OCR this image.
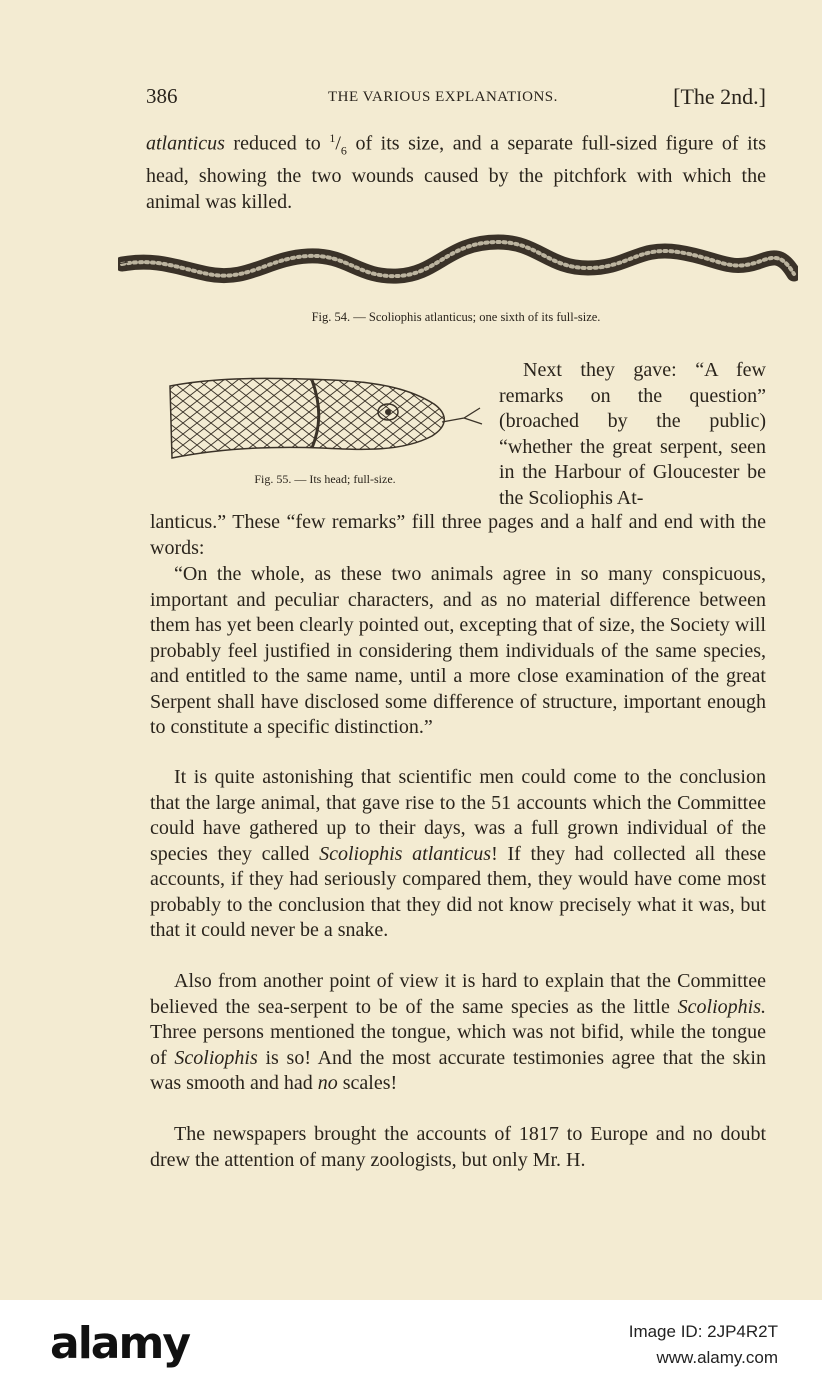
386	THE VARIOUS EXPLANATIONS.	[The 2nd.]

atlanticus reduced to $^1/_6$ of its size, and a separate full-sized figure of its head, showing the two wounds caused by the pitchfork with which the animal was killed.

Fig. 54. — Scoliophis atlanticus; one sixth of its full-size.
Fig. 55. — Its head; full-size.

Next they gave: “A few remarks on the question” (broached by the public) “whether the great serpent, seen in the Harbour of Gloucester be the Scoliophis At-

lanticus.” These “few remarks” fill three pages and a half and end with the words:

“On the whole, as these two animals agree in so many conspicuous, important and peculiar characters, and as no material difference between them has yet been clearly pointed out, excepting that of size, the Society will probably feel justified in considering them individuals of the same species, and entitled to the same name, until a more close examination of the great Serpent shall have disclosed some difference of structure, important enough to constitute a specific distinction.”

It is quite astonishing that scientific men could come to the conclusion that the large animal, that gave rise to the 51 accounts which the Committee could have gathered up to their days, was a full grown individual of the species they called Scoliophis atlanticus! If they had collected all these accounts, if they had seriously compared them, they would have come most probably to the conclusion that they did not know precisely what it was, but that it could never be a snake.

Also from another point of view it is hard to explain that the Committee believed the sea-serpent to be of the same species as the little Scoliophis. Three persons mentioned the tongue, which was not bifid, while the tongue of Scoliophis is so! And the most accurate testimonies agree that the skin was smooth and had no scales!

The newspapers brought the accounts of 1817 to Europe and no doubt drew the attention of many zoologists, but only Mr. H.

alamy	Image ID: 2JP4R2T
www.alamy.com
